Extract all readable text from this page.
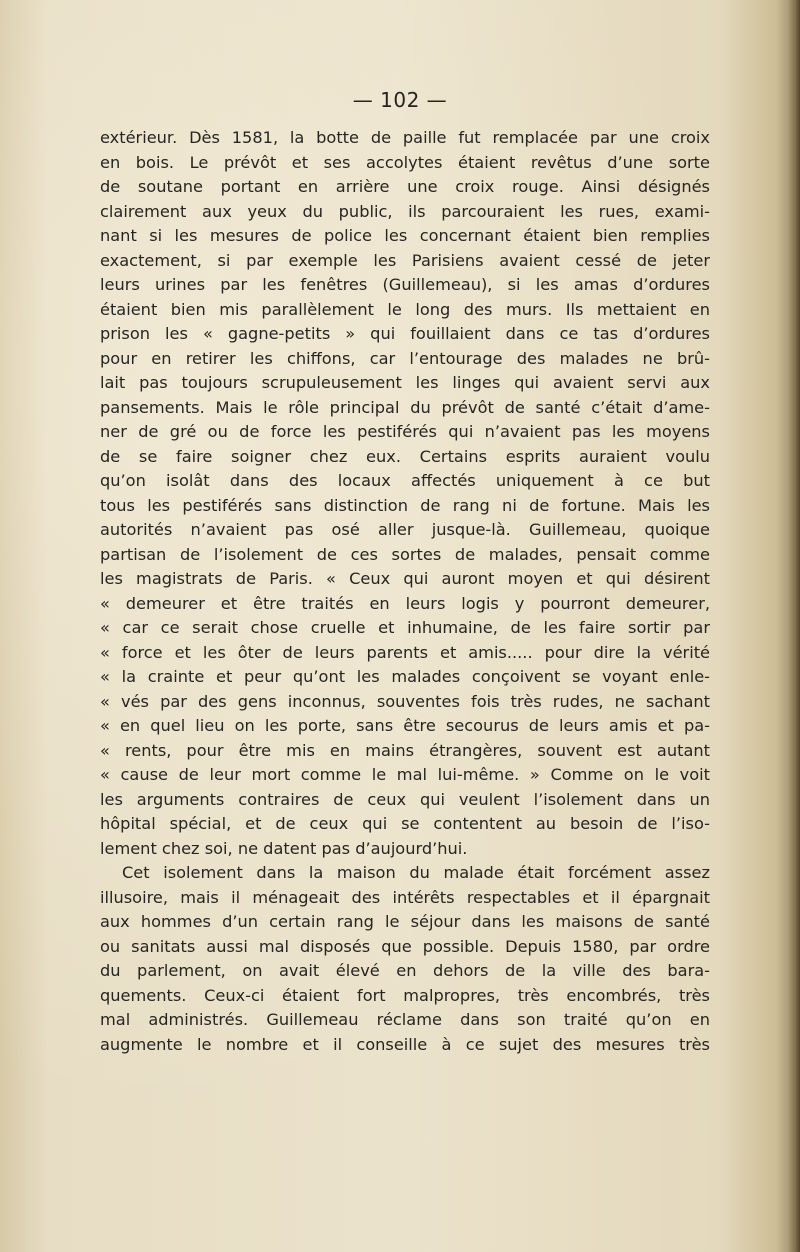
— 102 —
extérieur. Dès 1581, la botte de paille fut remplacée par une croix
en bois. Le prévôt et ses accolytes étaient revêtus d’une sorte
de soutane portant en arrière une croix rouge. Ainsi désignés
clairement aux yeux du public, ils parcouraient les rues, exami-
nant si les mesures de police les concernant étaient bien remplies
exactement, si par exemple les Parisiens avaient cessé de jeter
leurs urines par les fenêtres (Guillemeau), si les amas d’ordures
étaient bien mis parallèlement le long des murs. Ils mettaient en
prison les « gagne-petits » qui fouillaient dans ce tas d’ordures
pour en retirer les chiffons, car l’entourage des malades ne brû-
lait pas toujours scrupuleusement les linges qui avaient servi aux
pansements. Mais le rôle principal du prévôt de santé c’était d’ame-
ner de gré ou de force les pestiférés qui n’avaient pas les moyens
de se faire soigner chez eux. Certains esprits auraient voulu
qu’on isolât dans des locaux affectés uniquement à ce but
tous les pestiférés sans distinction de rang ni de fortune. Mais les
autorités n’avaient pas osé aller jusque-là. Guillemeau, quoique
partisan de l’isolement de ces sortes de malades, pensait comme
les magistrats de Paris. « Ceux qui auront moyen et qui désirent
« demeurer et être traités en leurs logis y pourront demeurer,
« car ce serait chose cruelle et inhumaine, de les faire sortir par
« force et les ôter de leurs parents et amis..... pour dire la vérité
« la crainte et peur qu’ont les malades conçoivent se voyant enle-
« vés par des gens inconnus, souventes fois très rudes, ne sachant
« en quel lieu on les porte, sans être secourus de leurs amis et pa-
« rents, pour être mis en mains étrangères, souvent est autant
« cause de leur mort comme le mal lui-même. » Comme on le voit
les arguments contraires de ceux qui veulent l’isolement dans un
hôpital spécial, et de ceux qui se contentent au besoin de l’iso-
lement chez soi, ne datent pas d’aujourd’hui.
Cet isolement dans la maison du malade était forcément assez
illusoire, mais il ménageait des intérêts respectables et il épargnait
aux hommes d’un certain rang le séjour dans les maisons de santé
ou sanitats aussi mal disposés que possible. Depuis 1580, par ordre
du parlement, on avait élevé en dehors de la ville des bara-
quements. Ceux-ci étaient fort malpropres, très encombrés, très
mal administrés. Guillemeau réclame dans son traité qu’on en
augmente le nombre et il conseille à ce sujet des mesures très
